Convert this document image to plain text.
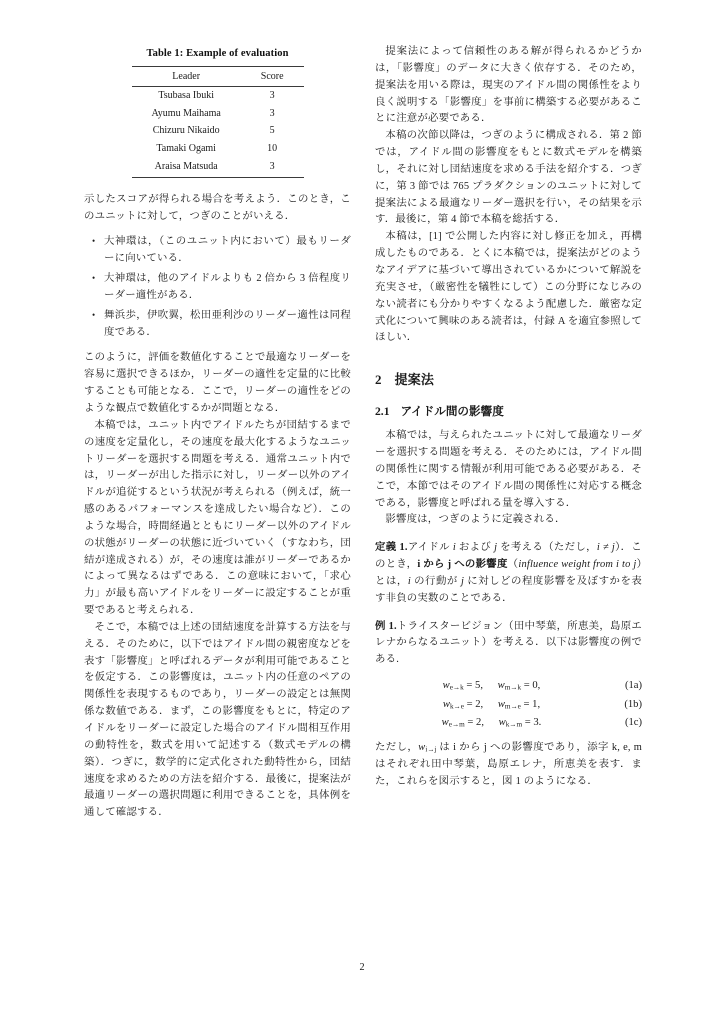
Table 1: Example of evaluation
Leader	Score
Tsubasa Ibuki	3
Ayumu Maihama	3
Chizuru Nikaido	5
Tamaki Ogami	10
Araisa Matsuda	3

示したスコアが得られる場合を考えよう．このとき，このユニットに対して，つぎのことがいえる．

• 大神環は，（このユニット内において）最もリーダーに向いている．
• 大神環は，他のアイドルよりも 2 倍から 3 倍程度リーダー適性がある．
• 舞浜歩，伊吹翼，松田亜利沙のリーダー適性は同程度である．

このように，評価を数値化することで最適なリーダーを容易に選択できるほか，リーダーの適性を定量的に比較することも可能となる．ここで，リーダーの適性をどのような観点で数値化するかが問題となる．

本稿では，ユニット内でアイドルたちが団結するまでの速度を定量化し，その速度を最大化するようなユニットリーダーを選択する問題を考える．通常ユニット内では，リーダーが出した指示に対し，リーダー以外のアイドルが追従するという状況が考えられる（例えば，統一感のあるパフォーマンスを達成したい場合など）．このような場合，時間経過とともにリーダー以外のアイドルの状態がリーダーの状態に近づいていく（すなわち，団結が達成される）が，その速度は誰がリーダーであるかによって異なるはずである．この意味において，「求心力」が最も高いアイドルをリーダーに設定することが重要であると考えられる．

そこで，本稿では上述の団結速度を計算する方法を与える．そのために，以下ではアイドル間の親密度などを表す「影響度」と呼ばれるデータが利用可能であることを仮定する．この影響度は，ユニット内の任意のペアの関係性を表現するものであり，リーダーの設定とは無関係な数値である．まず，この影響度をもとに，特定のアイドルをリーダーに設定した場合のアイドル間相互作用の動特性を，数式を用いて記述する（数式モデルの構築）．つぎに，数学的に定式化された動特性から，団結速度を求めるための方法を紹介する．最後に，提案法が最適リーダーの選択問題に利用できることを，具体例を通して確認する．

提案法によって信頼性のある解が得られるかどうかは，「影響度」のデータに大きく依存する．そのため，提案法を用いる際は，現実のアイドル間の関係性をより良く説明する「影響度」を事前に構築する必要があることに注意が必要である．

本稿の次節以降は，つぎのように構成される．第 2 節では，アイドル間の影響度をもとに数式モデルを構築し，それに対し団結速度を求める手法を紹介する．つぎに，第 3 節では 765 プラダクションのユニットに対して提案法による最適なリーダー選択を行い，その結果を示す．最後に，第 4 節で本稿を総括する．

本稿は，[1] で公開した内容に対し修正を加え，再構成したものである．とくに本稿では，提案法がどのようなアイデアに基づいて導出されているかについて解説を充実させ，（厳密性を犠牲にして）この分野になじみのない読者にも分かりやすくなるよう配慮した．厳密な定式化について興味のある読者は，付録 A を適宜参照してほしい．

2 提案法
2.1 アイドル間の影響度

本稿では，与えられたユニットに対して最適なリーダーを選択する問題を考える．そのためには，アイドル間の関係性に関する情報が利用可能である必要がある．そこで，本節ではそのアイドル間の関係性に対応する概念である，影響度と呼ばれる量を導入する．

影響度は，つぎのように定義される．

定義 1.アイドル i および j を考える（ただし，i ≠ j）．このとき，i から j への影響度（influence weight from i to j）とは，i の行動が j に対しどの程度影響を及ぼすかを表す非負の実数のことである．
例 1.トライスタービジョン（田中琴葉，所恵美，島原エレナからなるユニット）を考える．以下は影響度の例である.
$w_{e\to k} = 5$, $w_{m\to k} = 0$,	(1a)
$w_{k\to e} = 2$, $w_{m\to e} = 1$,	(1b)
$w_{e\to m} = 2$, $w_{k\to m} = 3$.	(1c)

ただし，$w_{i\to j}$ は i から j への影響度であり，添字 k, e, m はそれぞれ田中琴葉，島原エレナ，所恵美を表す．また，これらを図示すると，図 1 のようになる．

2
